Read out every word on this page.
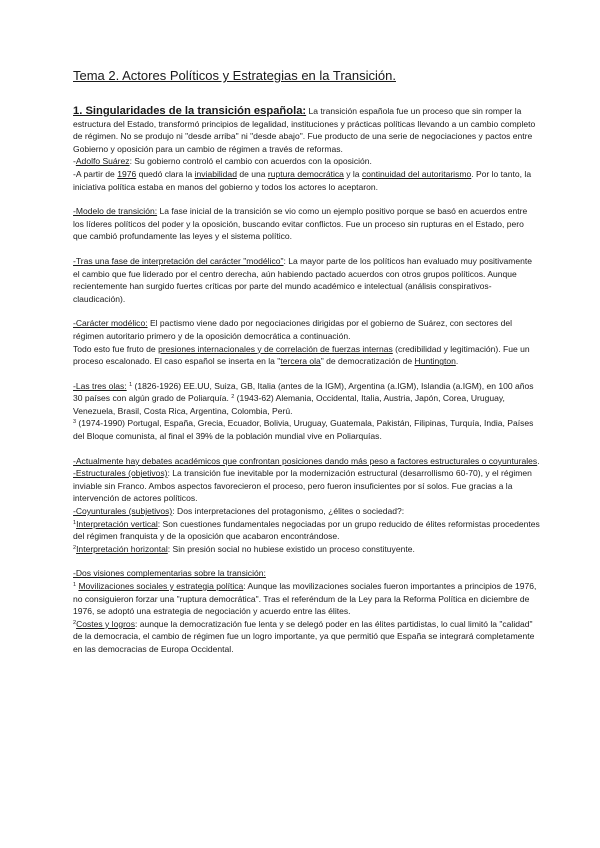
Tema 2. Actores Políticos y Estrategias en la Transición.

1. Singularidades de la transición española: La transición española fue un proceso que sin romper la estructura del Estado, transformó principios de legalidad, instituciones y prácticas políticas llevando a un cambio completo de régimen. No se produjo ni "desde arriba" ni "desde abajo". Fue producto de una serie de negociaciones y pactos entre Gobierno y oposición para un cambio de régimen a través de reformas.

-Adolfo Suárez: Su gobierno controló el cambio con acuerdos con la oposición.

-A partir de 1976 quedó clara la inviabilidad de una ruptura democrática y la continuidad del autoritarismo. Por lo tanto, la iniciativa política estaba en manos del gobierno y todos los actores lo aceptaron.

-Modelo de transición: La fase inicial de la transición se vio como un ejemplo positivo porque se basó en acuerdos entre los líderes políticos del poder y la oposición, buscando evitar conflictos. Fue un proceso sin rupturas en el Estado, pero que cambió profundamente las leyes y el sistema político.

-Tras una fase de interpretación del carácter "modélico": La mayor parte de los políticos han evaluado muy positivamente el cambio que fue liderado por el centro derecha, aún habiendo pactado acuerdos con otros grupos políticos. Aunque recientemente han surgido fuertes críticas por parte del mundo académico e intelectual (análisis conspirativos-claudicación).

-Carácter modélico: El pactismo viene dado por negociaciones dirigidas por el gobierno de Suárez, con sectores del régimen autoritario primero y de la oposición democrática a continuación.

Todo esto fue fruto de presiones internacionales y de correlación de fuerzas internas (credibilidad y legitimación). Fue un proceso escalonado. El caso español se inserta en la "tercera ola" de democratización de Huntington.

-Las tres olas: $^1$ (1826-1926) EE.UU, Suiza, GB, Italia (antes de la IGM), Argentina (a.IGM), Islandia (a.IGM), en 100 años 30 países con algún grado de Poliarquía. $^2$ (1943-62) Alemania, Occidental, Italia, Austria, Japón, Corea, Uruguay, Venezuela, Brasil, Costa Rica, Argentina, Colombia, Perú.

$^3$ (1974-1990) Portugal, España, Grecia, Ecuador, Bolivia, Uruguay, Guatemala, Pakistán, Filipinas, Turquía, India, Países del Bloque comunista, al final el 39% de la población mundial vive en Poliarquías.

-Actualmente hay debates académicos que confrontan posiciones dando más peso a factores estructurales o coyunturales.

-Estructurales (objetivos): La transición fue inevitable por la modernización estructural (desarrollismo 60-70), y el régimen inviable sin Franco. Ambos aspectos favorecieron el proceso, pero fueron insuficientes por sí solos. Fue gracias a la intervención de actores políticos.

-Coyunturales (subjetivos): Dos interpretaciones del protagonismo, ¿élites o sociedad?:

$^1$Interpretación vertical: Son cuestiones fundamentales negociadas por un grupo reducido de élites reformistas procedentes del régimen franquista y de la oposición que acabaron encontrándose.

$^2$Interpretación horizontal: Sin presión social no hubiese existido un proceso constituyente.

-Dos visiones complementarias sobre la transición:

$^1$ Movilizaciones sociales y estrategia política: Aunque las movilizaciones sociales fueron importantes a principios de 1976, no consiguieron forzar una "ruptura democrática". Tras el referéndum de la Ley para la Reforma Política en diciembre de 1976, se adoptó una estrategia de negociación y acuerdo entre las élites.

$^2$Costes y logros: aunque la democratización fue lenta y se delegó poder en las élites partidistas, lo cual limitó la "calidad" de la democracia, el cambio de régimen fue un logro importante, ya que permitió que España se integrará completamente en las democracias de Europa Occidental.
